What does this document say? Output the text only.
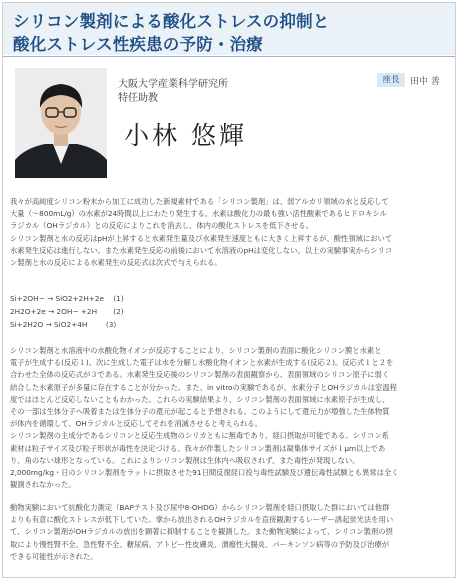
シリコン製剤による酸化ストレスの抑制と
酸化ストレス性疾患の予防・治療
大阪大学産業科学研究所
特任助教
小林 悠輝
座長	田中 善

我々が高純度シリコン粉末から加工に成功した新規素材である「シリコン製剤」は、弱アルカリ領域の水と反応して

大量（～800mL/g）の水素が24時間以上にわたり発生する。水素は酸化力の最も強い活性酸素であるヒドロキシル

ラジカル（OHラジカル）との反応によりこれを消去し、体内の酸化ストレスを低下させる。

シリコン製剤と水の反応はpHが上昇すると水素発生量及び水素発生速度ともに大きく上昇するが、酸性領域において

水素発生反応は進行しない。また水素発生反応の前後において水溶液のpHは変化しない。以上の実験事実からシリコ

ン製剤と水の反応による水素発生の反応式は次式で与えられる。

Si+2OH− → SiO2+2H+2e    (1)
2H2O+2e → 2OH− +2H       (2)
Si+2H2O → SiO2+4H        (3)

シリコン製剤と水溶液中の水酸化物イオンが反応することにより、シリコン製剤の表面に酸化シリコン膜と水素と

電子が生成する(反応１)。次に生成した電子は水を分解し水酸化物イオンと水素が生成する(反応２)。反応式１と２を

合わせた全体の反応式が３である。水素発生反応後のシリコン製剤の表面観察から、表面領域のシリコン原子に弱く

結合した水素原子が多量に存在することが分かった。また、in vitroの実験であるが、水素分子とOHラジカルは室温程

度ではほとんど反応しないこともわかった。これらの実験結果より、シリコン製剤の表面領域に水素原子が生成し、

その一部は生体分子へ吸着または生体分子の還元が起こると予想される。このようにして還元力が増強した生体物質

が体内を循環して、OHラジカルと反応してそれを消滅させると考えられる。

シリコン製剤の主成分であるシリコンと反応生成物のシリカともに無毒であり、経口摂取が可能である。シリコン系

素材は粒子サイズ及び粒子形状が毒性を決定づける。我々が作製したシリコン製剤は凝集体サイズが１μm以上であ

り、角のない球形となっている。これによりシリコン製剤は生体内へ吸収されず、また毒性が発現しない。

2,000mg/kg・日のシリコン製剤をラットに摂取させた91日間反復経口投与毒性試験及び遺伝毒性試験とも異常は全く

観測されなかった。

動物実験において抗酸化力測定（BAPテスト及び尿中8-OHDG）からシリコン製剤を経口摂取した群においては他群

よりも有意に酸化ストレスが低下していた。掌から放出されるOHラジカルを直接観測するレーザー誘起蛍光法を用い

て、シリコン製剤がOHラジカルの放出を顕著に抑制することを観測した。また動物実験によって、シリコン製剤の摂

取により慢性腎不全、急性腎不全、糖尿病、アトピー性皮膚炎、潰瘍性大腸炎、パーキンソン病等の予防及び治療が

できる可能性が示された。
